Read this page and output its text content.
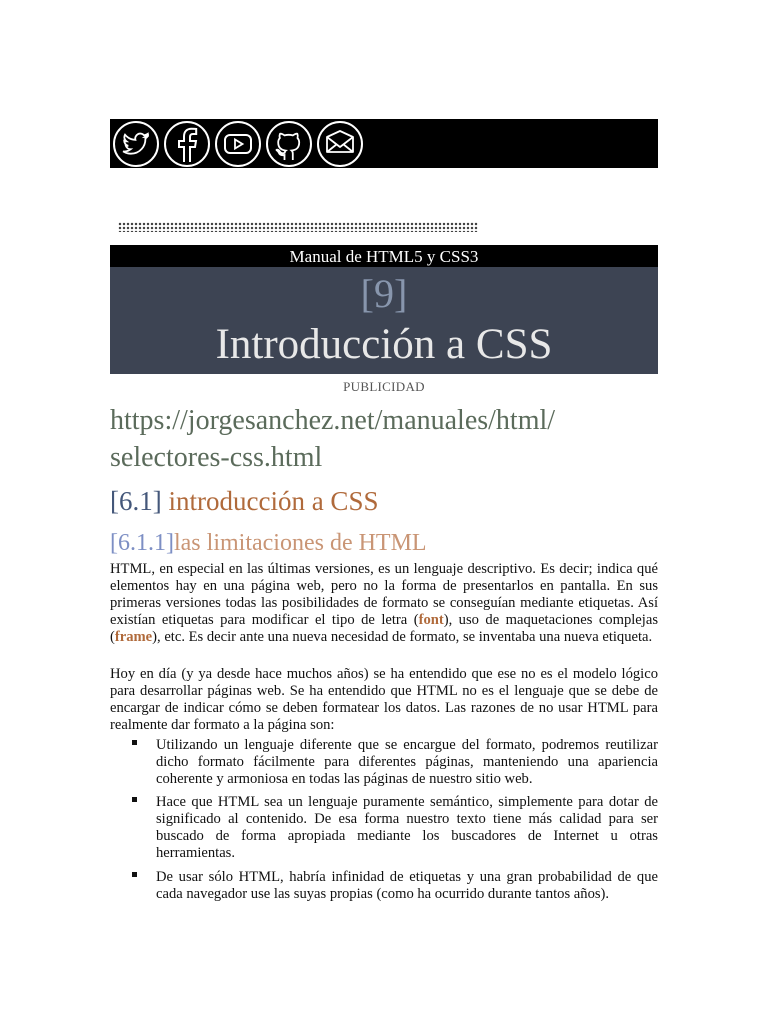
Manual de HTML5 y CSS3
[9]
Introducción a CSS
PUBLICIDAD
https://jorgesanchez.net/manuales/html/
selectores-css.html
[6.1] introducción a CSS
[6.1.1]las limitaciones de HTML
HTML, en especial en las últimas versiones, es un lenguaje descriptivo. Es decir; indica qué elementos hay en una página web, pero no la forma de presentarlos en pantalla. En sus primeras versiones todas las posibilidades de formato se conseguían mediante etiquetas. Así existían etiquetas para modificar el tipo de letra (font), uso de maquetaciones complejas (frame), etc. Es decir ante una nueva necesidad de formato, se inventaba una nueva etiqueta.
Hoy en día (y ya desde hace muchos años) se ha entendido que ese no es el modelo lógico para desarrollar páginas web. Se ha entendido que HTML no es el lenguaje que se debe de encargar de indicar cómo se deben formatear los datos. Las razones de no usar HTML para realmente dar formato a la página son:
Utilizando un lenguaje diferente que se encargue del formato, podremos reutilizar dicho formato fácilmente para diferentes páginas, manteniendo una apariencia coherente y armoniosa en todas las páginas de nuestro sitio web.
Hace que HTML sea un lenguaje puramente semántico, simplemente para dotar de significado al contenido. De esa forma nuestro texto tiene más calidad para ser buscado de forma apropiada mediante los buscadores de Internet u otras herramientas.
De usar sólo HTML, habría infinidad de etiquetas y una gran probabilidad de que cada navegador use las suyas propias (como ha ocurrido durante tantos años).
